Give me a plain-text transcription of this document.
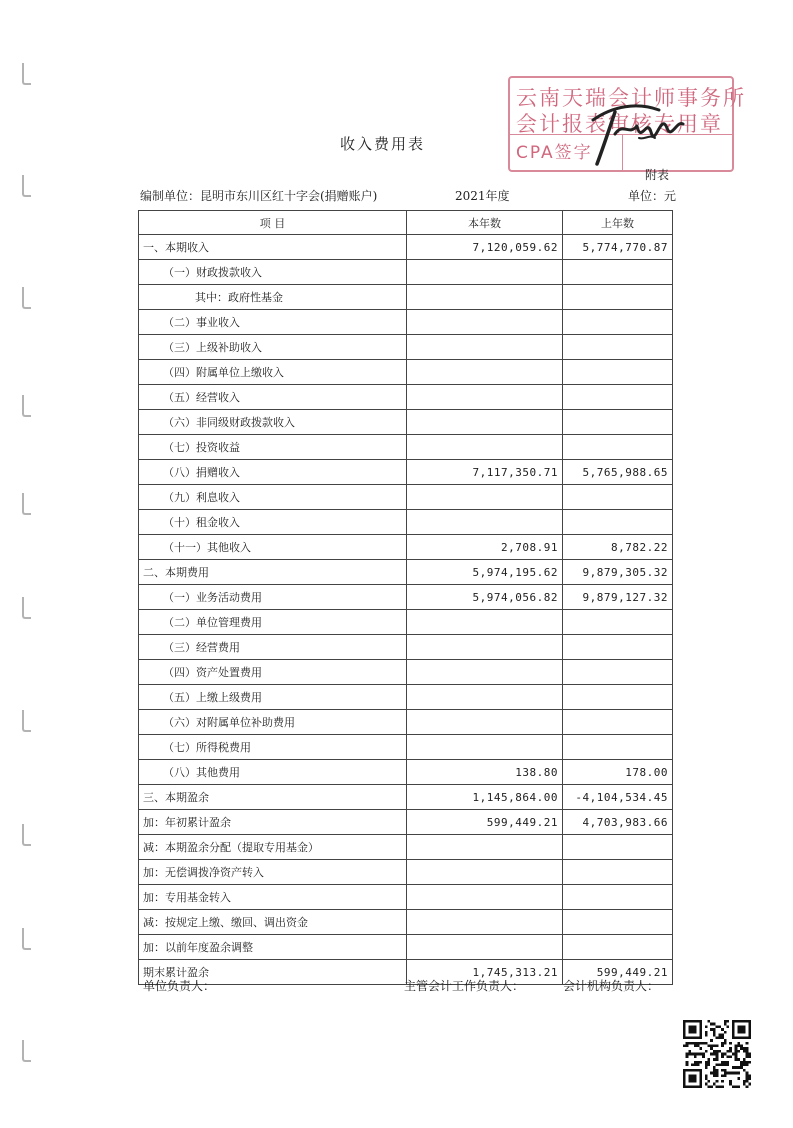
收入费用表
云南天瑞会计师事务所
会计报表审核专用章
CPA签字
附表
编制单位：昆明市东川区红十字会(捐赠账户)	2021年度	单位：元
项 目	本年数	上年数
一、本期收入	7,120,059.62	5,774,770.87
（一）财政拨款收入		
其中：政府性基金		
（二）事业收入		
（三）上级补助收入		
（四）附属单位上缴收入		
（五）经营收入		
（六）非同级财政拨款收入		
（七）投资收益		
（八）捐赠收入	7,117,350.71	5,765,988.65
（九）利息收入		
（十）租金收入		
（十一）其他收入	2,708.91	8,782.22
二、本期费用	5,974,195.62	9,879,305.32
（一）业务活动费用	5,974,056.82	9,879,127.32
（二）单位管理费用		
（三）经营费用		
（四）资产处置费用		
（五）上缴上级费用		
（六）对附属单位补助费用		
（七）所得税费用		
（八）其他费用	138.80	178.00
三、本期盈余	1,145,864.00	-4,104,534.45
加：年初累计盈余	599,449.21	4,703,983.66
减：本期盈余分配（提取专用基金）		
加：无偿调拨净资产转入		
加：专用基金转入		
减：按规定上缴、缴回、调出资金		
加：以前年度盈余调整		
期末累计盈余	1,745,313.21	599,449.21
单位负责人：	主管会计工作负责人：	会计机构负责人：
